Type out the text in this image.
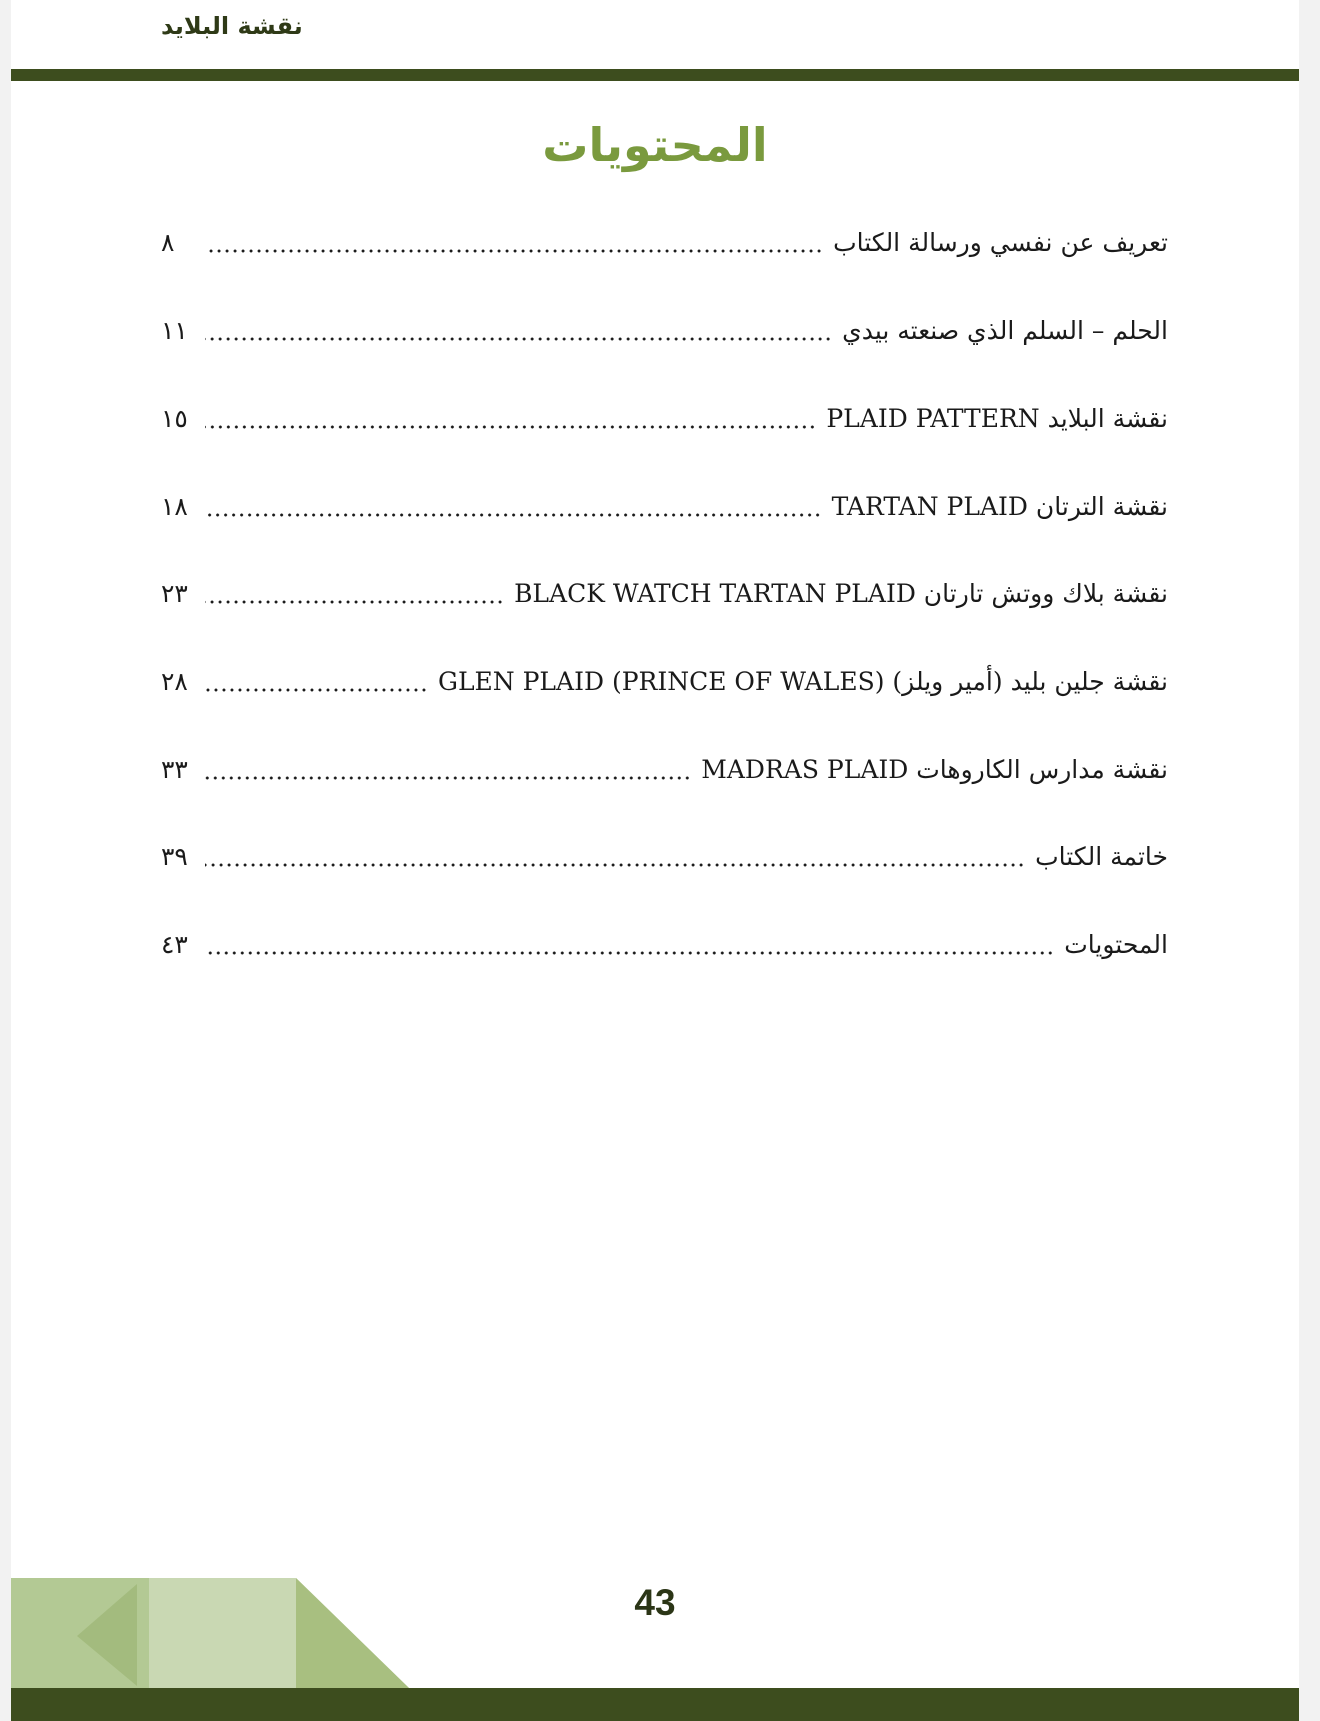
نقشة البلايد
المحتويات
تعريف عن نفسي ورسالة الكتاب
٨
الحلم – السلم الذي صنعته بيدي
١١
نقشة البلايد PLAID PATTERN
١٥
نقشة الترتان TARTAN PLAID
١٨
نقشة بلاك ووتش تارتان BLACK WATCH TARTAN PLAID
٢٣
نقشة جلين بليد (أمير ويلز) GLEN PLAID (PRINCE OF WALES)
٢٨
نقشة مدارس الكاروهات MADRAS PLAID
٣٣
خاتمة الكتاب
٣٩
المحتويات
٤٣
43
